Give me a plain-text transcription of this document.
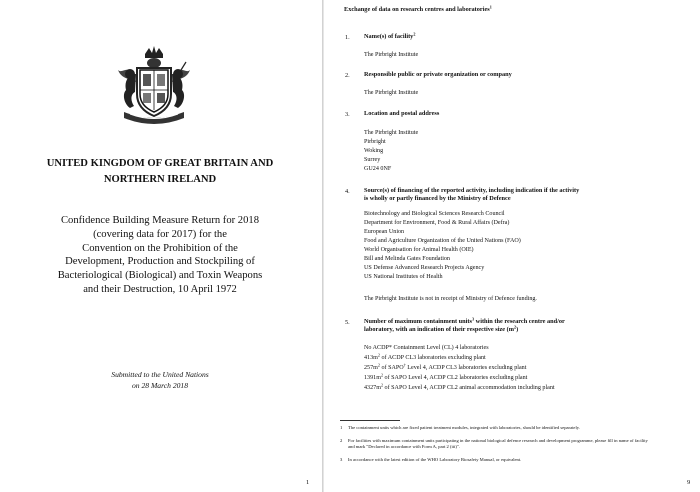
UNITED KINGDOM OF GREAT BRITAIN AND
NORTHERN IRELAND
Confidence Building Measure Return for 2018
(covering data for 2017) for the
Convention on the Prohibition of the
Development, Production and Stockpiling of
Bacteriological (Biological) and Toxin Weapons
and their Destruction, 10 April 1972
Submitted to the United Nations
on 28 March 2018
1
Exchange of data on research centres and laboratories$^1$
1. Name(s) of facility$^2$
The Pirbright Institute
2. Responsible public or private organization or company
The Pirbright Institute
3. Location and postal address
The Pirbright Institute
Pirbright
Woking
Surrey
GU24 0NF
4. Source(s) of financing of the reported activity, including indication if the activity
is wholly or partly financed by the Ministry of Defence
Biotechnology and Biological Sciences Research Council
Department for Environment, Food & Rural Affairs (Defra)
European Union
Food and Agriculture Organization of the United Nations (FAO)
World Organisation for Animal Health (OIE)
Bill and Melinda Gates Foundation
US Defense Advanced Research Projects Agency
US National Institutes of Health
The Pirbright Institute is not in receipt of Ministry of Defence funding.
5. Number of maximum containment units$^3$ within the research centre and/or
laboratory, with an indication of their respective size $(m^2)$
No ACDP* Containment Level (CL) 4 laboratories
$413m^2$ of ACDP CL3 laboratories excluding plant
$257m^2$ of SAPO† Level 4, ACDP CL3 laboratories excluding plant
$1391m^2$ of SAPO Level 4, ACDP CL2 laboratories excluding plant
$4327m^2$ of SAPO Level 4, ACDP CL2 animal accommodation including plant
1 The containment units which are fixed patient treatment modules, integrated with laboratories, should be identified separately.
2 For facilities with maximum containment units participating in the national biological defence research and development programme, please fill in name of facility and mark "Declared in accordance with Form A, part 2 (iii)".
3 In accordance with the latest edition of the WHO Laboratory Biosafety Manual, or equivalent.
9
